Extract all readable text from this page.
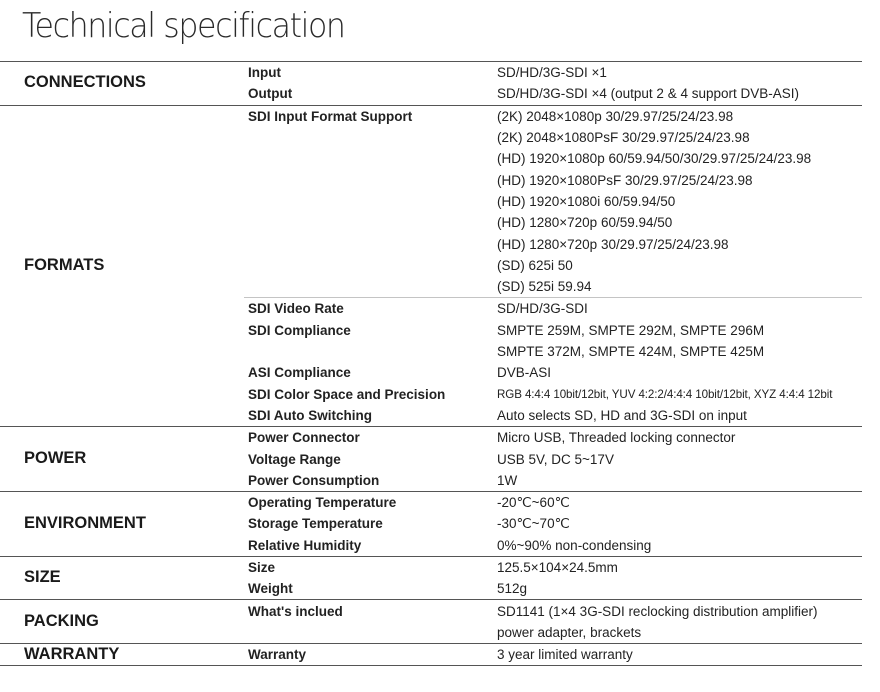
Technical specification
CONNECTIONS
Input	SD/HD/3G-SDI ×1
Output	SD/HD/3G-SDI ×4 (output 2 & 4 support DVB-ASI)
FORMATS
SDI Input Format Support	(2K) 2048×1080p 30/29.97/25/24/23.98
(2K) 2048×1080PsF 30/29.97/25/24/23.98
(HD) 1920×1080p 60/59.94/50/30/29.97/25/24/23.98
(HD) 1920×1080PsF 30/29.97/25/24/23.98
(HD) 1920×1080i 60/59.94/50
(HD) 1280×720p 60/59.94/50
(HD) 1280×720p 30/29.97/25/24/23.98
(SD) 625i 50
(SD) 525i 59.94
SDI Video Rate	SD/HD/3G-SDI
SDI Compliance	SMPTE 259M, SMPTE 292M, SMPTE 296M
SMPTE 372M, SMPTE 424M, SMPTE 425M
ASI Compliance	DVB-ASI
SDI Color Space and Precision	RGB 4:4:4 10bit/12bit, YUV 4:2:2/4:4:4 10bit/12bit, XYZ 4:4:4 12bit
SDI Auto Switching	Auto selects SD, HD and 3G-SDI on input
POWER
Power Connector	Micro USB, Threaded locking connector
Voltage Range	USB 5V, DC 5~17V
Power Consumption	1W
ENVIRONMENT
Operating Temperature	-20℃~60℃
Storage Temperature	-30℃~70℃
Relative Humidity	0%~90% non-condensing
SIZE
Size	125.5×104×24.5mm
Weight	512g
PACKING
What's inclued	SD1141 (1×4 3G-SDI reclocking distribution amplifier)
power adapter, brackets
WARRANTY	Warranty	3 year limited warranty
